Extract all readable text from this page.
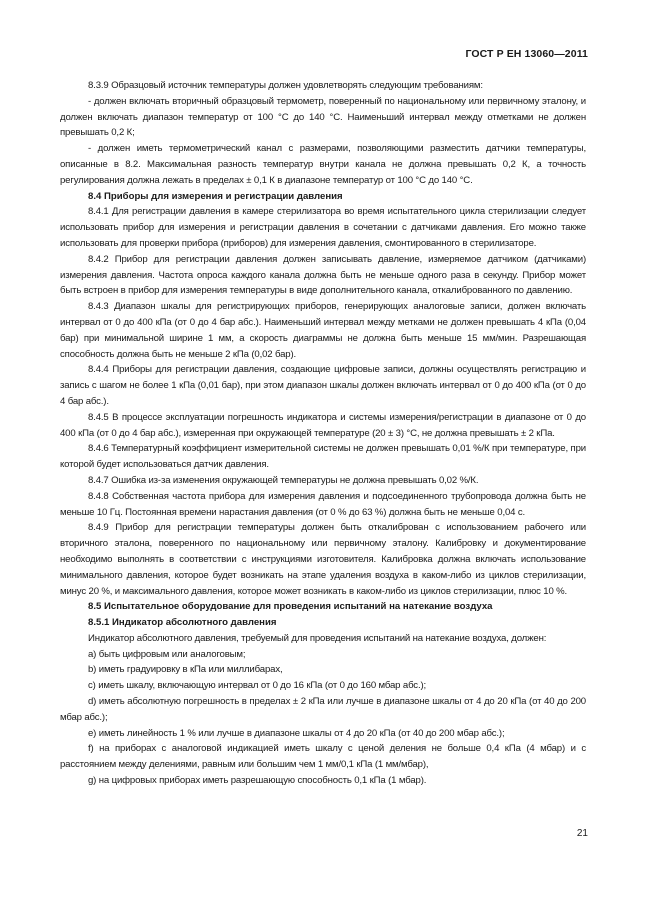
ГОСТ Р ЕН 13060—2011

8.3.9 Образцовый источник температуры должен удовлетворять следующим требованиям:

- должен включать вторичный образцовый термометр, поверенный по национальному или первичному эталону, и должен включать диапазон температур от 100 °С до 140 °С. Наименьший интервал между отметками не должен превышать 0,2 К;

- должен иметь термометрический канал с размерами, позволяющими разместить датчики температуры, описанные в 8.2. Максимальная разность температур внутри канала не должна превышать 0,2 К, а точность регулирования должна лежать в пределах ± 0,1 К в диапазоне температур от 100 °С до 140 °С.

8.4 Приборы для измерения и регистрации давления

8.4.1 Для регистрации давления в камере стерилизатора во время испытательного цикла стерилизации следует использовать прибор для измерения и регистрации давления в сочетании с датчиками давления. Его можно также использовать для проверки прибора (приборов) для измерения давления, смонтированного в стерилизаторе.

8.4.2 Прибор для регистрации давления должен записывать давление, измеряемое датчиком (датчиками) измерения давления. Частота опроса каждого канала должна быть не меньше одного раза в секунду. Прибор может быть встроен в прибор для измерения температуры в виде дополнительного канала, откалиброванного по давлению.

8.4.3 Диапазон шкалы для регистрирующих приборов, генерирующих аналоговые записи, должен включать интервал от 0 до 400 кПа (от 0 до 4 бар абс.). Наименьший интервал между метками не должен превышать 4 кПа (0,04 бар) при минимальной ширине 1 мм, а скорость диаграммы не должна быть меньше 15 мм/мин. Разрешающая способность должна быть не меньше 2 кПа (0,02 бар).

8.4.4 Приборы для регистрации давления, создающие цифровые записи, должны осуществлять регистрацию и запись с шагом не более 1 кПа (0,01 бар), при этом диапазон шкалы должен включать интервал от 0 до 400 кПа (от 0 до 4 бар абс.).

8.4.5 В процессе эксплуатации погрешность индикатора и системы измерения/регистрации в диапазоне от 0 до 400 кПа (от 0 до 4 бар абс.), измеренная при окружающей температуре (20 ± 3) °С, не должна превышать ± 2 кПа.

8.4.6 Температурный коэффициент измерительной системы не должен превышать 0,01 %/К при температуре, при которой будет использоваться датчик давления.

8.4.7 Ошибка из-за изменения окружающей температуры не должна превышать 0,02 %/К.

8.4.8 Собственная частота прибора для измерения давления и подсоединенного трубопровода должна быть не меньше 10 Гц. Постоянная времени нарастания давления (от 0 % до 63 %) должна быть не меньше 0,04 с.

8.4.9 Прибор для регистрации температуры должен быть откалиброван с использованием рабочего или вторичного эталона, поверенного по национальному или первичному эталону. Калибровку и документирование необходимо выполнять в соответствии с инструкциями изготовителя. Калибровка должна включать использование минимального давления, которое будет возникать на этапе удаления воздуха в каком-либо из циклов стерилизации, минус 20 %, и максимального давления, которое может возникать в каком-либо из циклов стерилизации, плюс 10 %.

8.5 Испытательное оборудование для проведения испытаний на натекание воздуха

8.5.1 Индикатор абсолютного давления

Индикатор абсолютного давления, требуемый для проведения испытаний на натекание воздуха, должен:

a) быть цифровым или аналоговым;

b) иметь градуировку в кПа или миллибарах,

c) иметь шкалу, включающую интервал от 0 до 16 кПа (от 0 до 160 мбар абс.);

d) иметь абсолютную погрешность в пределах ± 2 кПа или лучше в диапазоне шкалы от 4 до 20 кПа (от 40 до 200 мбар абс.);

e) иметь линейность 1 % или лучше в диапазоне шкалы от 4 до 20 кПа (от 40 до 200 мбар абс.);

f) на приборах с аналоговой индикацией иметь шкалу с ценой деления не больше 0,4 кПа (4 мбар) и с расстоянием между делениями, равным или большим чем 1 мм/0,1 кПа (1 мм/мбар),

g) на цифровых приборах иметь разрешающую способность 0,1 кПа (1 мбар).

21
